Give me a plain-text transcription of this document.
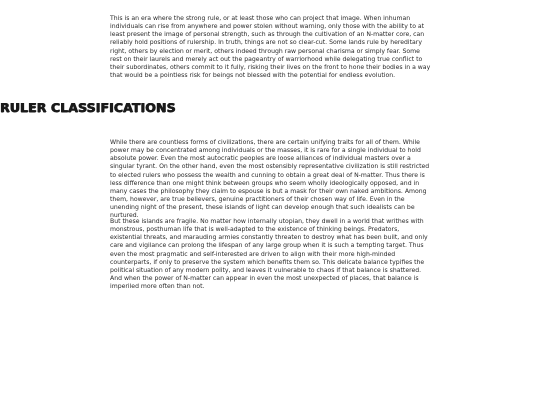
This is an era where the strong rule, or at least those who can project that image. When inhuman individuals can rise from anywhere and power stolen without warning, only those with the ability to at least present the image of personal strength, such as through the cultivation of an N-matter core, can reliably hold positions of rulership. In truth, things are not so clear-cut. Some lands rule by hereditary right, others by election or merit, others indeed through raw personal charisma or simply fear. Some rest on their laurels and merely act out the pageantry of warriorhood while delegating true conflict to their subordinates, others commit to it fully, risking their lives on the front to hone their bodies in a way that would be a pointless risk for beings not blessed with the potential for endless evolution.

RULER CLASSIFICATIONS

While there are countless forms of civilizations, there are certain unifying traits for all of them. While power may be concentrated among individuals or the masses, it is rare for a single individual to hold absolute power. Even the most autocratic peoples are loose alliances of individual masters over a singular tyrant. On the other hand, even the most ostensibly representative civilization is still restricted to elected rulers who possess the wealth and cunning to obtain a great deal of N-matter. Thus there is less difference than one might think between groups who seem wholly ideologically opposed, and in many cases the philosophy they claim to espouse is but a mask for their own naked ambitions. Among them, however, are true believers, genuine practitioners of their chosen way of life. Even in the unending night of the present, these islands of light can develop enough that such idealists can be nurtured.

But these islands are fragile. No matter how internally utopian, they dwell in a world that writhes with monstrous, posthuman life that is well-adapted to the existence of thinking beings. Predators, existential threats, and marauding armies constantly threaten to destroy what has been built, and only care and vigilance can prolong the lifespan of any large group when it is such a tempting target. Thus even the most pragmatic and self-interested are driven to align with their more high-minded counterparts, if only to preserve the system which benefits them so. This delicate balance typifies the political situation of any modern polity, and leaves it vulnerable to chaos if that balance is shattered. And when the power of N-matter can appear in even the most unexpected of places, that balance is imperiled more often than not.
